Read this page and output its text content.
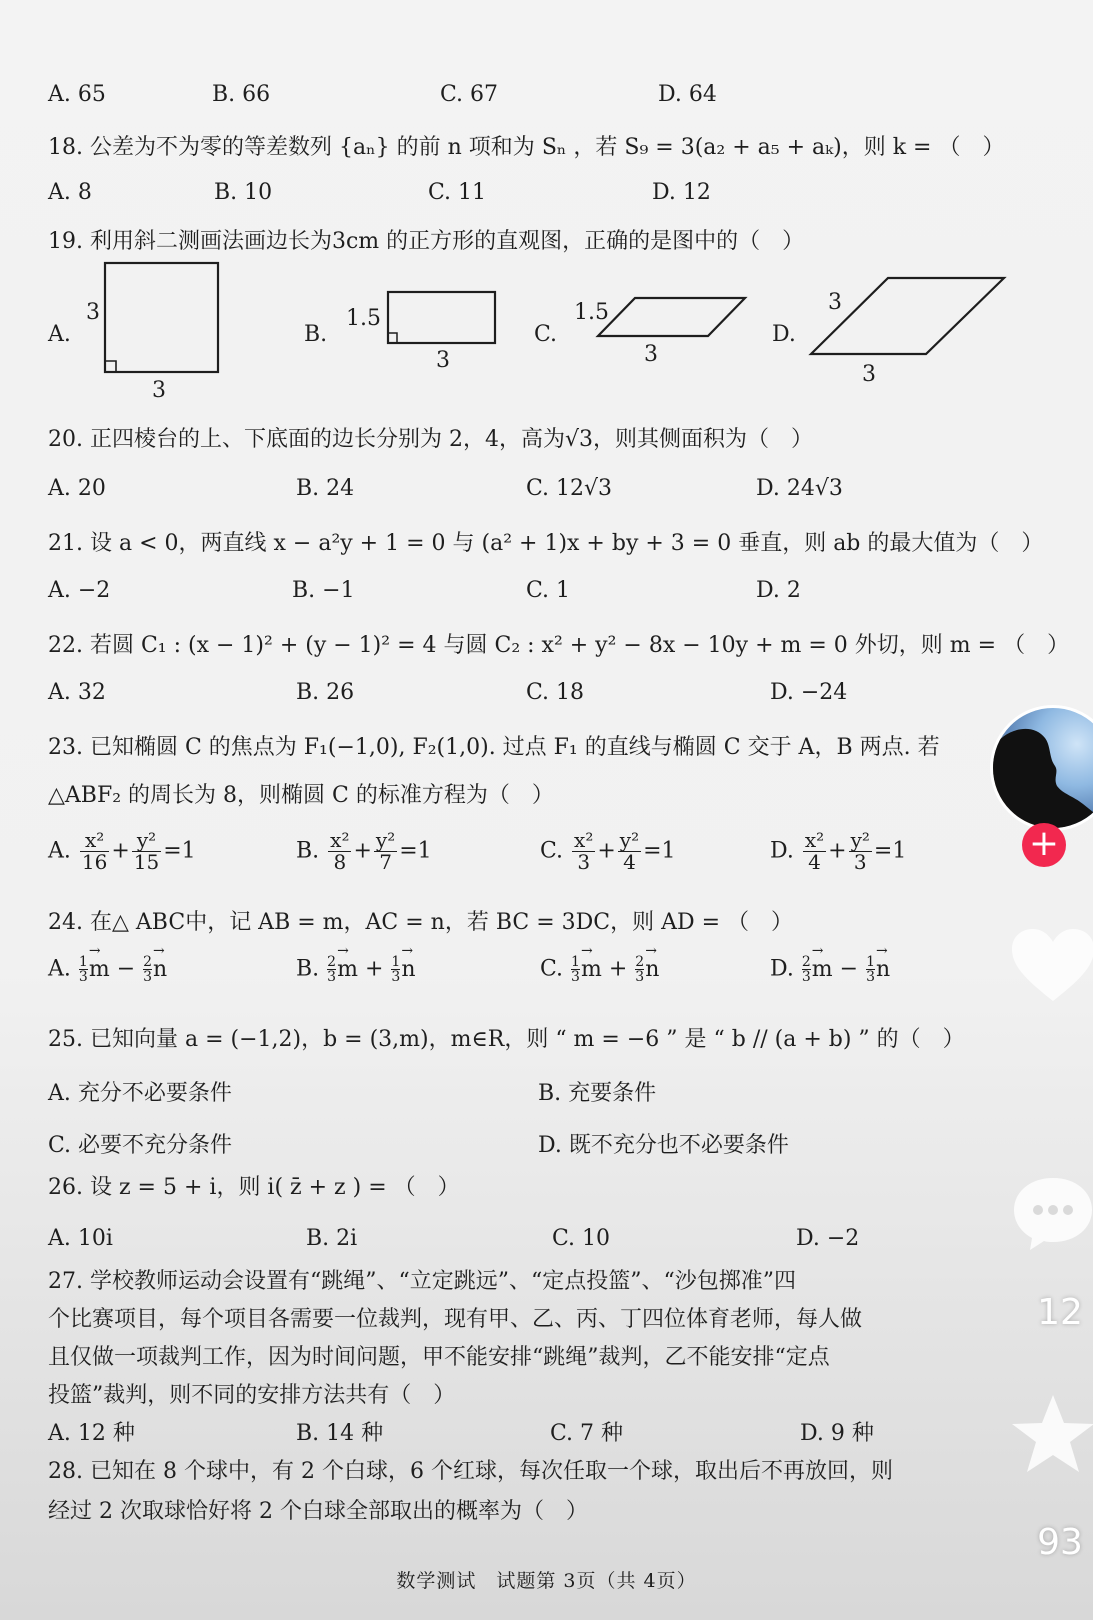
A. 65	B. 66	C. 67	D. 64
18. 公差为不为零的等差数列 {aₙ} 的前 n 项和为 Sₙ ，若 S₉ = 3(a₂ + a₅ + aₖ)，则 k = （　）
A. 8	B. 10	C. 11	D. 12
19. 利用斜二测画法画边长为3cm 的正方形的直观图，正确的是图中的（　）
A.
3
3
B.
1.5
3
C.
1.5
3
D.
3
3
20. 正四棱台的上、下底面的边长分别为 2，4，高为√3，则其侧面积为（　）
A. 20	B. 24	C. 12√3	D. 24√3
21. 设 a < 0，两直线 x − a²y + 1 = 0 与 (a² + 1)x + by + 3 = 0 垂直，则 ab 的最大值为（　）
A. −2	B. −1	C. 1	D. 2
22. 若圆 C₁ : (x − 1)² + (y − 1)² = 4 与圆 C₂ : x² + y² − 8x − 10y + m = 0 外切，则 m = （　）
A. 32	B. 26	C. 18	D. −24
23. 已知椭圆 C 的焦点为 F₁(−1,0), F₂(1,0). 过点 F₁ 的直线与椭圆 C 交于 A，B 两点. 若
△ABF₂ 的周长为 8，则椭圆 C 的标准方程为（　）
A. $\frac{\text{x²}}{16} + \frac{\text{y²}}{15} =1$	B. $\frac{\text{x²}}{8} + \frac{\text{y²}}{7} =1$	C. $\frac{\text{x²}}{3} + \frac{\text{y²}}{4} =1$	D. $\frac{\text{x²}}{4} + \frac{\text{y²}}{3} =1$
24. 在△ ABC中，记 AB = m，AC = n，若 BC = 3DC，则 AD = （　）
A. $\frac{1}{3} \to m - \frac{2}{3} \to n$	B. $\frac{2}{3} \to m + \frac{1}{3} \to n$	C. $\frac{1}{3} \to m + \frac{2}{3} \to n$	D. $\frac{2}{3} \to m - \frac{1}{3} \to n$
25. 已知向量 a = (−1,2)，b = (3,m)，m∈R，则 “ m = −6 ” 是 “ b // (a + b) ” 的（　）
A. 充分不必要条件	B. 充要条件
C. 必要不充分条件	D. 既不充分也不必要条件
26. 设 z = 5 + i，则 i( z̄ + z ) = （　）
A. 10i	B. 2i	C. 10	D. −2
27. 学校教师运动会设置有“跳绳”、“立定跳远”、“定点投篮”、“沙包掷准”四
个比赛项目，每个项目各需要一位裁判，现有甲、乙、丙、丁四位体育老师，每人做
且仅做一项裁判工作，因为时间问题，甲不能安排“跳绳”裁判，乙不能安排“定点
投篮”裁判，则不同的安排方法共有（　）
A. 12 种	B. 14 种	C. 7 种	D. 9 种
28. 已知在 8 个球中，有 2 个白球，6 个红球，每次任取一个球，取出后不再放回，则
经过 2 次取球恰好将 2 个白球全部取出的概率为（　）
数学测试　试题第 3页（共 4页）
+
12
93
